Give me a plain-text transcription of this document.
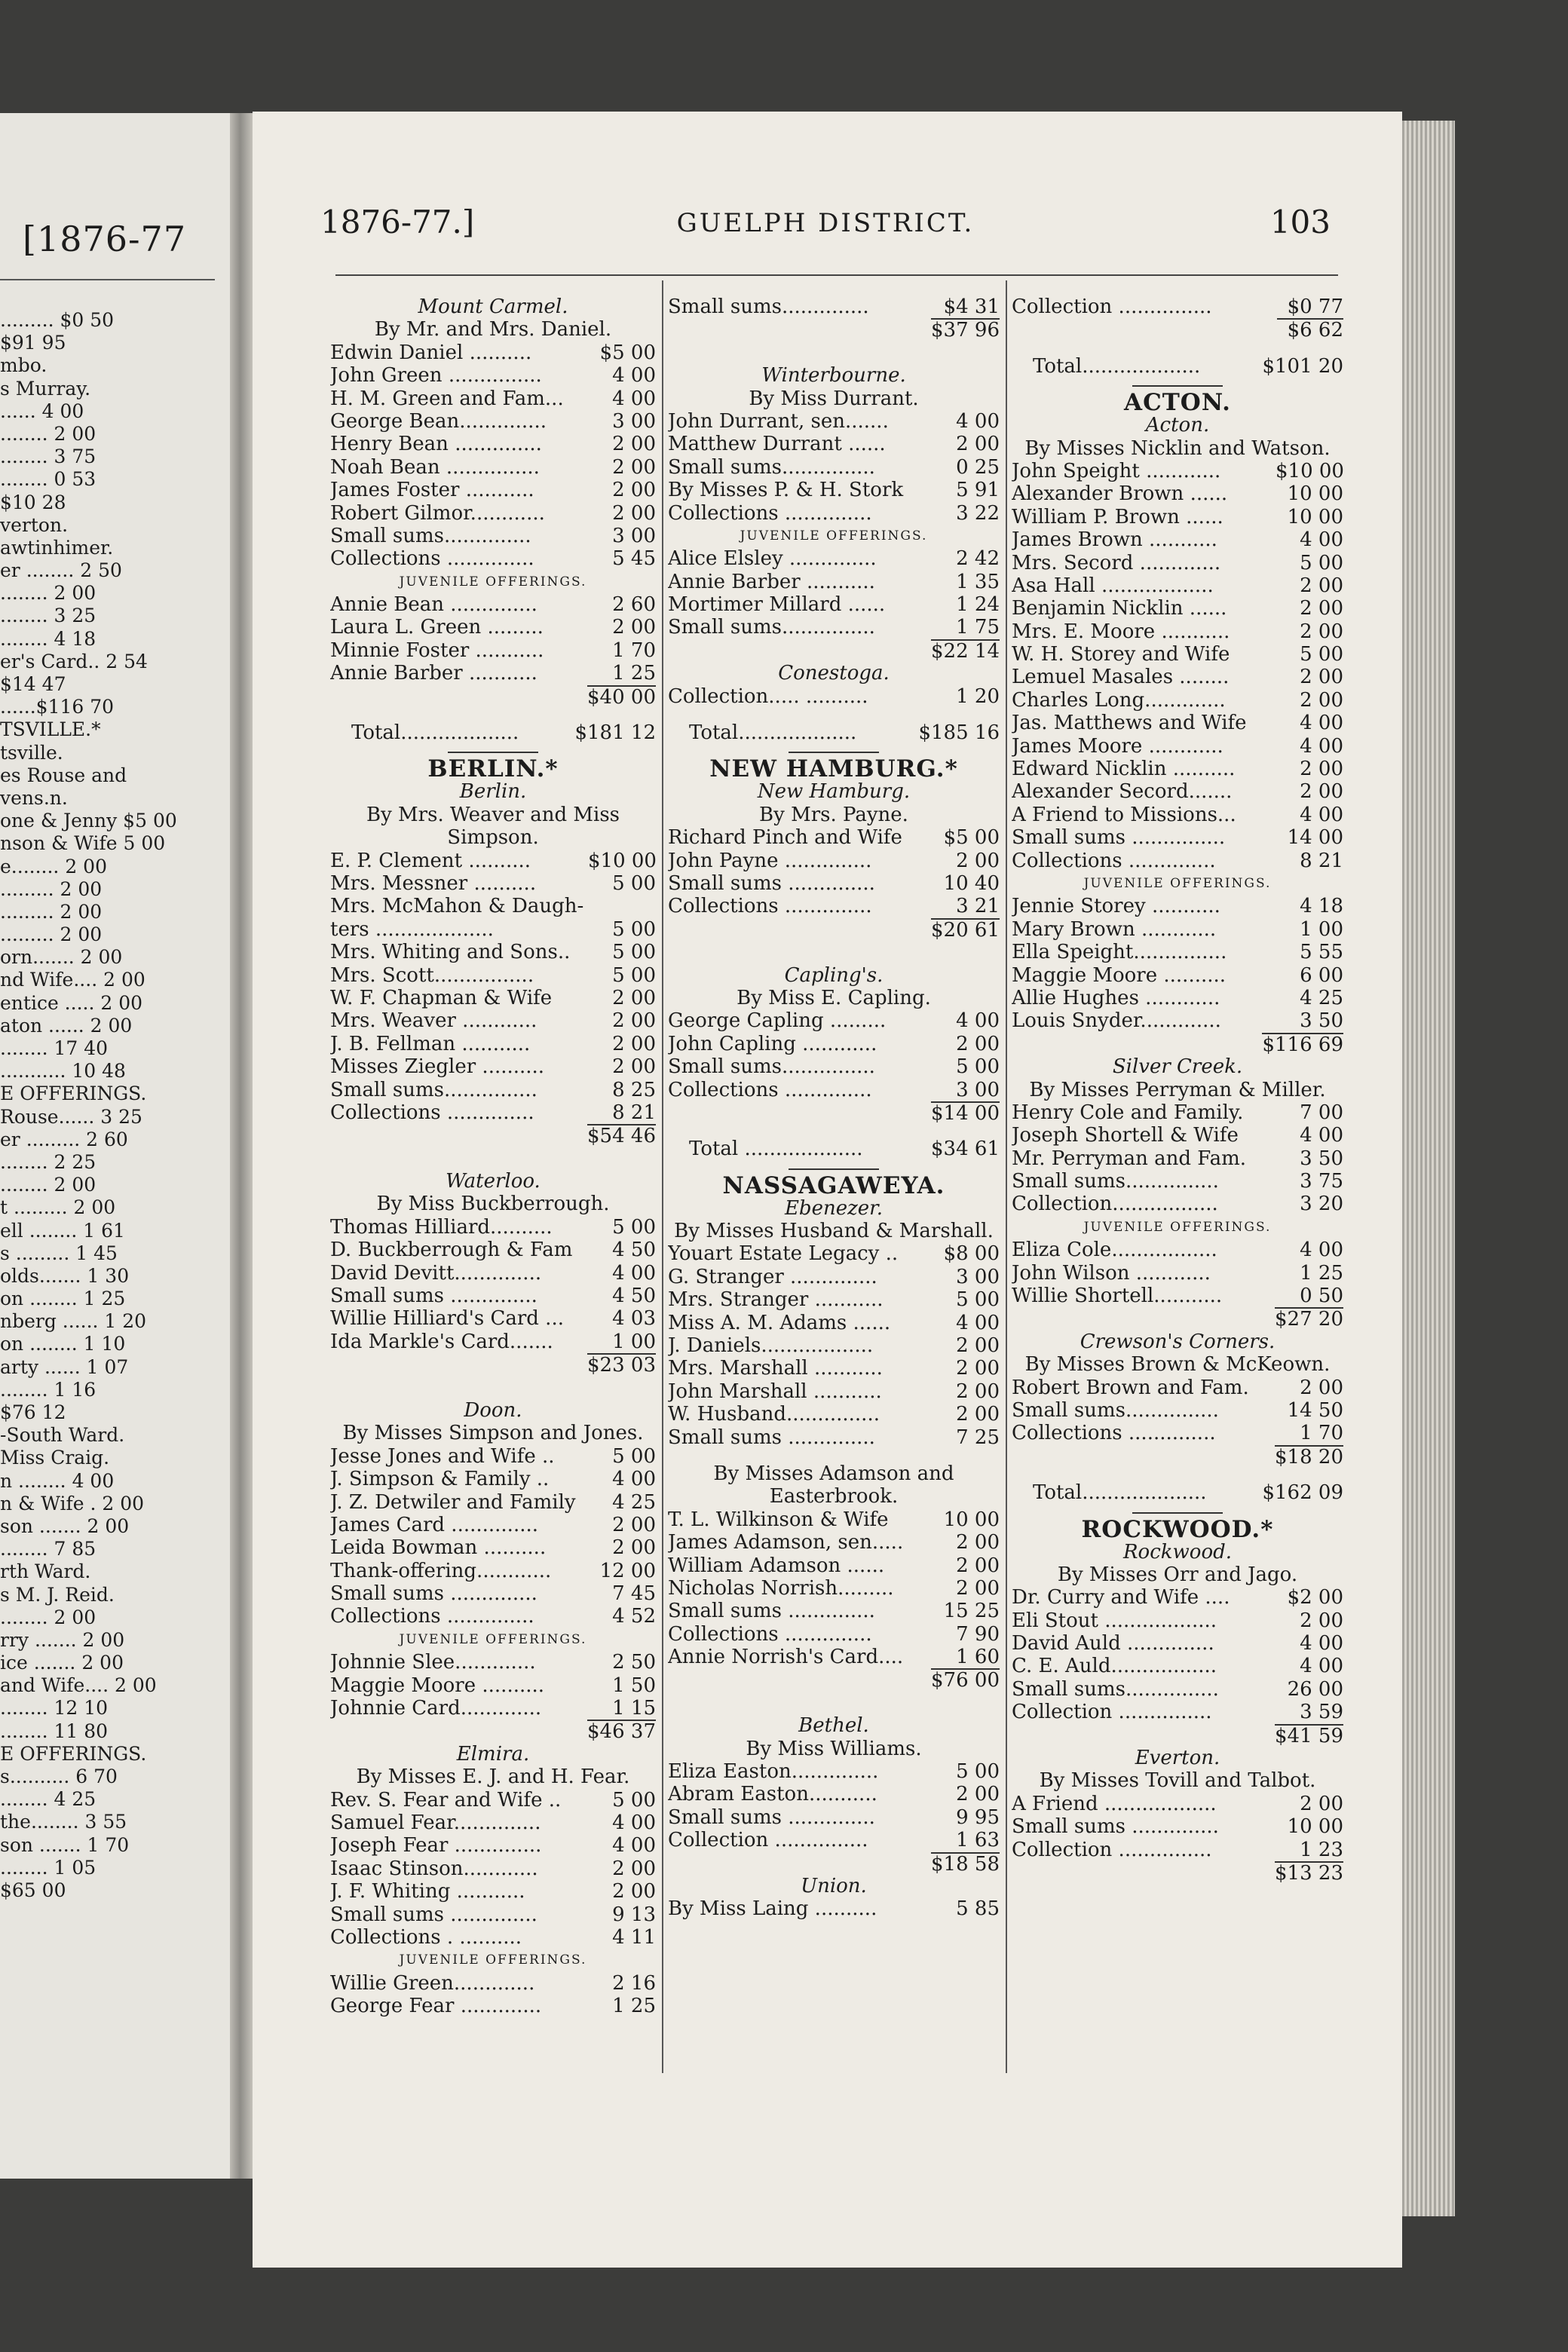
[1876-77
......... $0 50
$91 95
mbo.
s Murray.
...... 4 00
........ 2 00
........ 3 75
........ 0 53
$10 28
verton.
awtinhimer.
er ........ 2 50
........ 2 00
........ 3 25
........ 4 18
er's Card.. 2 54
$14 47
......$116 70
TSVILLE.*
tsville.
es Rouse and
vens.n.
one & Jenny $5 00
nson & Wife 5 00
e........ 2 00
......... 2 00
......... 2 00
......... 2 00
orn....... 2 00
nd Wife.... 2 00
entice ..... 2 00
aton ...... 2 00
........ 17 40
........... 10 48
E OFFERINGS.
Rouse...... 3 25
er ......... 2 60
........ 2 25
........ 2 00
t ......... 2 00
ell ........ 1 61
s ......... 1 45
olds....... 1 30
on ........ 1 25
nberg ...... 1 20
on ........ 1 10
arty ...... 1 07
........ 1 16
$76 12
-South Ward.
Miss Craig.
n ........ 4 00
n & Wife . 2 00
son ....... 2 00
........ 7 85
rth Ward.
s M. J. Reid.
........ 2 00
rry ....... 2 00
ice ....... 2 00
and Wife.... 2 00
........ 12 10
........ 11 80
E OFFERINGS.
s.......... 6 70
........ 4 25
the........ 3 55
son ....... 1 70
........ 1 05
$65 00
1876-77.]	GUELPH DISTRICT.	103
Mount Carmel.
By Mr. and Mrs. Daniel.
Edwin Daniel ..........	$5 00
John Green ...............	4 00
H. M. Green and Fam...	4 00
George Bean..............	3 00
Henry Bean ..............	2 00
Noah Bean ...............	2 00
James Foster ...........	2 00
Robert Gilmor............	2 00
Small sums..............	3 00
Collections ..............	5 45
JUVENILE OFFERINGS.
Annie Bean ..............	2 60
Laura L. Green .........	2 00
Minnie Foster ...........	1 70
Annie Barber ...........	1 25
$40 00
Total...................	$181 12
BERLIN.*
Berlin.
By Mrs. Weaver and Miss
Simpson.
E. P. Clement ..........	$10 00
Mrs. Messner ..........	5 00
Mrs. McMahon & Daugh-
ters ...................	5 00
Mrs. Whiting and Sons..	5 00
Mrs. Scott................	5 00
W. F. Chapman & Wife	2 00
Mrs. Weaver ............	2 00
J. B. Fellman ...........	2 00
Misses Ziegler ..........	2 00
Small sums...............	8 25
Collections ..............	8 21
$54 46
Waterloo.
By Miss Buckberrough.
Thomas Hilliard..........	5 00
D. Buckberrough & Fam	4 50
David Devitt..............	4 00
Small sums ..............	4 50
Willie Hilliard's Card ...	4 03
Ida Markle's Card.......	1 00
$23 03
Doon.
By Misses Simpson and Jones.
Jesse Jones and Wife ..	5 00
J. Simpson & Family ..	4 00
J. Z. Detwiler and Family	4 25
James Card ..............	2 00
Leida Bowman ..........	2 00
Thank-offering............	12 00
Small sums ..............	7 45
Collections ..............	4 52
JUVENILE OFFERINGS.
Johnnie Slee.............	2 50
Maggie Moore ..........	1 50
Johnnie Card.............	1 15
$46 37
Elmira.
By Misses E. J. and H. Fear.
Rev. S. Fear and Wife ..	5 00
Samuel Fear..............	4 00
Joseph Fear ..............	4 00
Isaac Stinson............	2 00
J. F. Whiting ...........	2 00
Small sums ..............	9 13
Collections . ..........	4 11
JUVENILE OFFERINGS.
Willie Green.............	2 16
George Fear .............	1 25
Small sums..............	$4 31
$37 96
Winterbourne.
By Miss Durrant.
John Durrant, sen.......	4 00
Matthew Durrant ......	2 00
Small sums...............	0 25
By Misses P. & H. Stork	5 91
Collections ..............	3 22
JUVENILE OFFERINGS.
Alice Elsley ..............	2 42
Annie Barber ...........	1 35
Mortimer Millard ......	1 24
Small sums...............	1 75
$22 14
Conestoga.
Collection..... ..........	1 20
Total...................	$185 16
NEW HAMBURG.*
New Hamburg.
By Mrs. Payne.
Richard Pinch and Wife	$5 00
John Payne ..............	2 00
Small sums ..............	10 40
Collections ..............	3 21
$20 61
Capling's.
By Miss E. Capling.
George Capling .........	4 00
John Capling ............	2 00
Small sums...............	5 00
Collections ..............	3 00
$14 00
Total ...................	$34 61
NASSAGAWEYA.
Ebenezer.
By Misses Husband & Marshall.
Youart Estate Legacy ..	$8 00
G. Stranger ..............	3 00
Mrs. Stranger ...........	5 00
Miss A. M. Adams ......	4 00
J. Daniels..................	2 00
Mrs. Marshall ...........	2 00
John Marshall ...........	2 00
W. Husband...............	2 00
Small sums ..............	7 25
By Misses Adamson and
Easterbrook.
T. L. Wilkinson & Wife	10 00
James Adamson, sen.....	2 00
William Adamson ......	2 00
Nicholas Norrish.........	2 00
Small sums ..............	15 25
Collections ..............	7 90
Annie Norrish's Card....	1 60
$76 00
Bethel.
By Miss Williams.
Eliza Easton..............	5 00
Abram Easton...........	2 00
Small sums ..............	9 95
Collection ...............	1 63
$18 58
Union.
By Miss Laing ..........	5 85
Collection ...............	$0 77
$6 62
Total...................	$101 20
ACTON.
Acton.
By Misses Nicklin and Watson.
John Speight ............	$10 00
Alexander Brown ......	10 00
William P. Brown ......	10 00
James Brown ...........	4 00
Mrs. Secord .............	5 00
Asa Hall ..................	2 00
Benjamin Nicklin ......	2 00
Mrs. E. Moore ...........	2 00
W. H. Storey and Wife	5 00
Lemuel Masales ........	2 00
Charles Long.............	2 00
Jas. Matthews and Wife	4 00
James Moore ............	4 00
Edward Nicklin ..........	2 00
Alexander Secord.......	2 00
A Friend to Missions...	4 00
Small sums ...............	14 00
Collections ..............	8 21
JUVENILE OFFERINGS.
Jennie Storey ...........	4 18
Mary Brown ............	1 00
Ella Speight...............	5 55
Maggie Moore ..........	6 00
Allie Hughes ............	4 25
Louis Snyder.............	3 50
$116 69
Silver Creek.
By Misses Perryman & Miller.
Henry Cole and Family.	7 00
Joseph Shortell & Wife	4 00
Mr. Perryman and Fam.	3 50
Small sums...............	3 75
Collection.................	3 20
JUVENILE OFFERINGS.
Eliza Cole.................	4 00
John Wilson ............	1 25
Willie Shortell...........	0 50
$27 20
Crewson's Corners.
By Misses Brown & McKeown.
Robert Brown and Fam.	2 00
Small sums...............	14 50
Collections ..............	1 70
$18 20
Total....................	$162 09
ROCKWOOD.*
Rockwood.
By Misses Orr and Jago.
Dr. Curry and Wife ....	$2 00
Eli Stout ..................	2 00
David Auld ..............	4 00
C. E. Auld.................	4 00
Small sums...............	26 00
Collection ...............	3 59
$41 59
Everton.
By Misses Tovill and Talbot.
A Friend ..................	2 00
Small sums ..............	10 00
Collection ...............	1 23
$13 23
